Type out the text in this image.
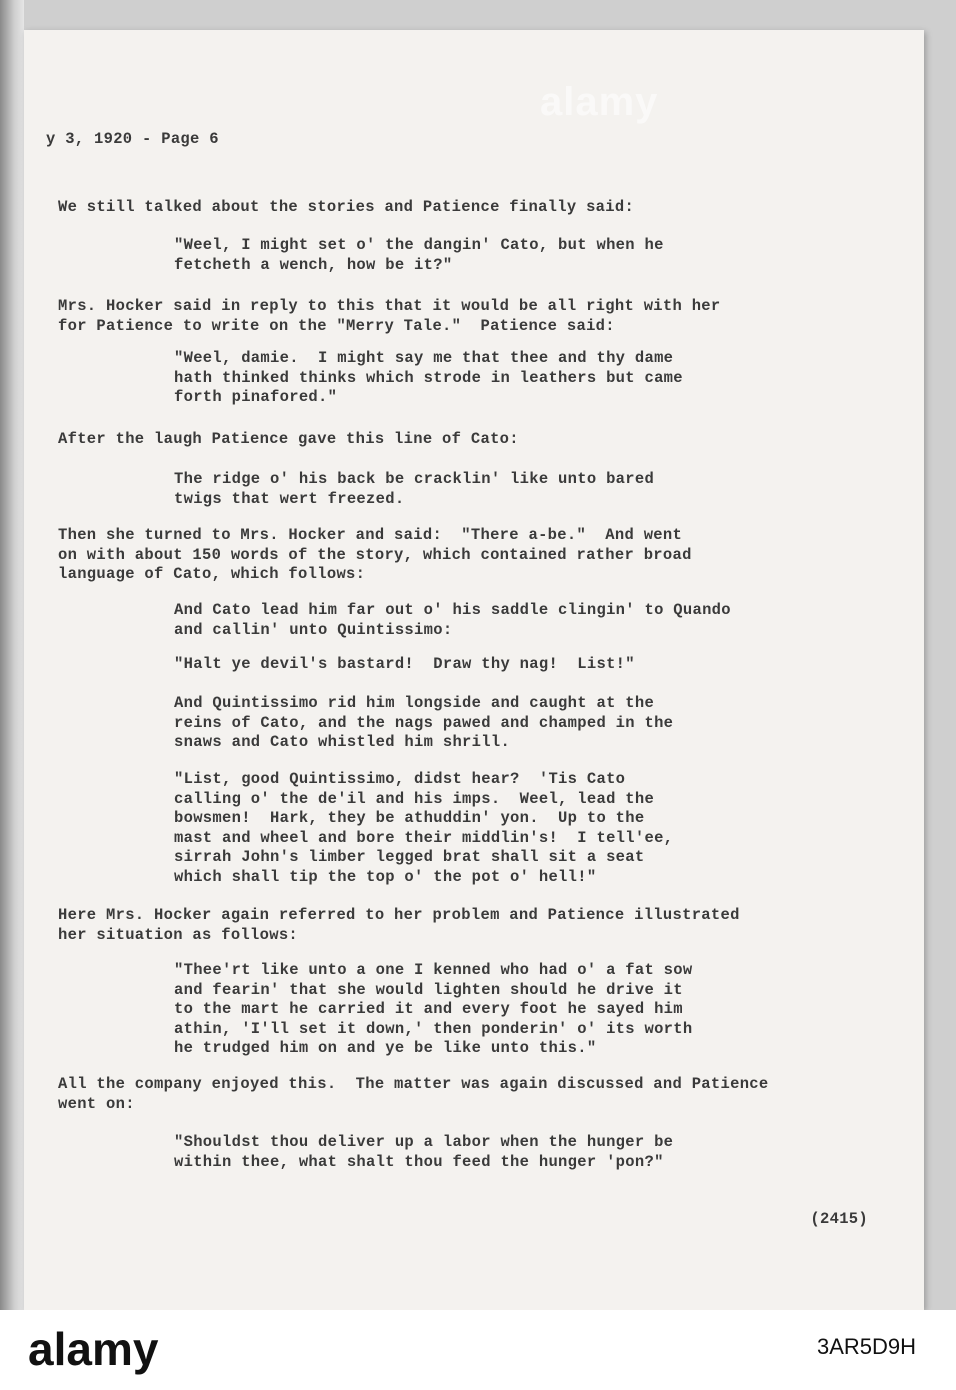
y 3, 1920 - Page 6
We still talked about the stories and Patience finally said:
"Weel, I might set o' the dangin' Cato, but when he
fetcheth a wench, how be it?"
Mrs. Hocker said in reply to this that it would be all right with her
for Patience to write on the "Merry Tale."  Patience said:
"Weel, damie.  I might say me that thee and thy dame
hath thinked thinks which strode in leathers but came
forth pinafored."
After the laugh Patience gave this line of Cato:
The ridge o' his back be cracklin' like unto bared
twigs that wert freezed.
Then she turned to Mrs. Hocker and said:  "There a-be."  And went
on with about 150 words of the story, which contained rather broad
language of Cato, which follows:
And Cato lead him far out o' his saddle clingin' to Quando
and callin' unto Quintissimo:
"Halt ye devil's bastard!  Draw thy nag!  List!"
And Quintissimo rid him longside and caught at the
reins of Cato, and the nags pawed and champed in the
snaws and Cato whistled him shrill.
"List, good Quintissimo, didst hear?  'Tis Cato
calling o' the de'il and his imps.  Weel, lead the
bowsmen!  Hark, they be athuddin' yon.  Up to the
mast and wheel and bore their middlin's!  I tell'ee,
sirrah John's limber legged brat shall sit a seat
which shall tip the top o' the pot o' hell!"
Here Mrs. Hocker again referred to her problem and Patience illustrated
her situation as follows:
"Thee'rt like unto a one I kenned who had o' a fat sow
and fearin' that she would lighten should he drive it
to the mart he carried it and every foot he sayed him
athin, 'I'll set it down,' then ponderin' o' its worth
he trudged him on and ye be like unto this."
All the company enjoyed this.  The matter was again discussed and Patience
went on:
"Shouldst thou deliver up a labor when the hunger be
within thee, what shalt thou feed the hunger 'pon?"
(2415)
alamy
alamy	3AR5D9H
